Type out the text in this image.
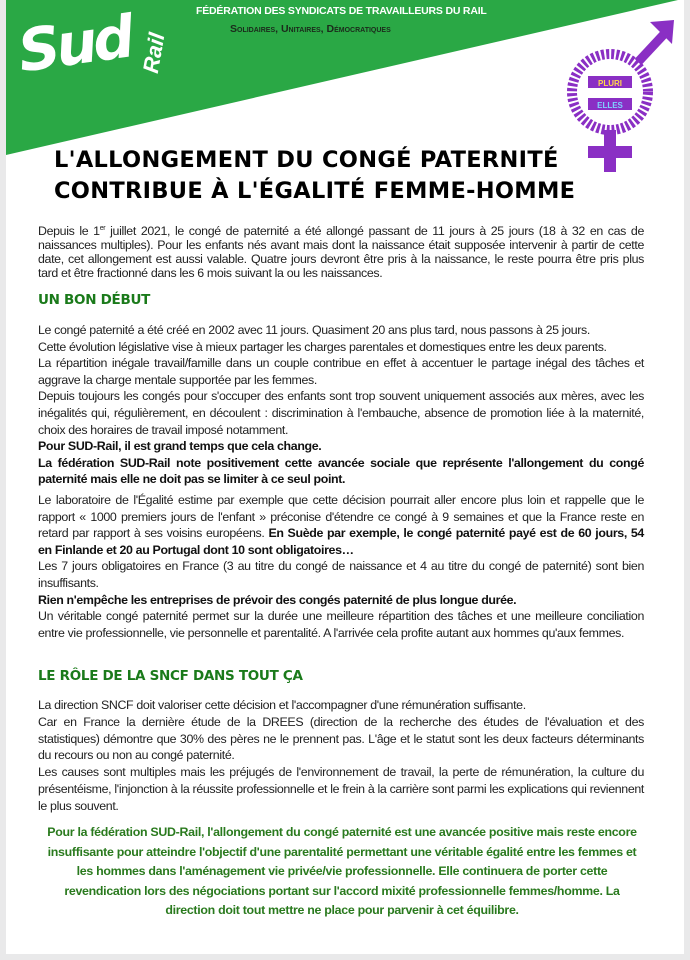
Sud Rail
FÉDÉRATION DES SYNDICATS DE TRAVAILLEURS DU RAIL
Solidaires, Unitaires, Démocratiques
PLURI
ELLES
L'ALLONGEMENT DU CONGÉ PATERNITÉ
CONTRIBUE À L'ÉGALITÉ FEMME-HOMME
Depuis le 1er juillet 2021, le congé de paternité a été allongé passant de 11 jours à 25 jours (18 à 32 en cas de naissances multiples). Pour les enfants nés avant mais dont la naissance était supposée intervenir à partir de cette date, cet allongement est aussi valable. Quatre jours devront être pris à la naissance, le reste pourra être pris plus tard et être fractionné dans les 6 mois suivant la ou les naissances.
UN BON DÉBUT

Le congé paternité a été créé en 2002 avec 11 jours. Quasiment 20 ans plus tard, nous passons à 25 jours.

Cette évolution législative vise à mieux partager les charges parentales et domestiques entre les deux parents.

La répartition inégale travail/famille dans un couple contribue en effet à accentuer le partage inégal des tâches et aggrave la charge mentale supportée par les femmes.

Depuis toujours les congés pour s'occuper des enfants sont trop souvent uniquement associés aux mères, avec les inégalités qui, régulièrement, en découlent : discrimination à l'embauche, absence de promotion liée à la maternité, choix des horaires de travail imposé notamment.

Pour SUD-Rail, il est grand temps que cela change.

La fédération SUD-Rail note positivement cette avancée sociale que représente l'allongement du congé paternité mais elle ne doit pas se limiter à ce seul point.

Le laboratoire de l'Égalité estime par exemple que cette décision pourrait aller encore plus loin et rappelle que le rapport « 1000 premiers jours de l'enfant » préconise d'étendre ce congé à 9 semaines et que la France reste en retard par rapport à ses voisins européens. En Suède par exemple, le congé paternité payé est de 60 jours, 54 en Finlande et 20 au Portugal dont 10 sont obligatoires…

Les 7 jours obligatoires en France (3 au titre du congé de naissance et 4 au titre du congé de paternité) sont bien insuffisants.

Rien n'empêche les entreprises de prévoir des congés paternité de plus longue durée.

Un véritable congé paternité permet sur la durée une meilleure répartition des tâches et une meilleure conciliation entre vie professionnelle, vie personnelle et parentalité. A l'arrivée cela profite autant aux hommes qu'aux femmes.

LE RÔLE DE LA SNCF DANS TOUT ÇA

La direction SNCF doit valoriser cette décision et l'accompagner d'une rémunération suffisante.

Car en France la dernière étude de la DREES (direction de la recherche des études de l'évaluation et des statistiques) démontre que 30% des pères ne le prennent pas. L'âge et le statut sont les deux facteurs déterminants du recours ou non au congé paternité.

Les causes sont multiples mais les préjugés de l'environnement de travail, la perte de rémunération, la culture du présentéisme, l'injonction à la réussite professionnelle et le frein à la carrière sont parmi les explications qui reviennent le plus souvent.

Pour la fédération SUD-Rail, l'allongement du congé paternité est une avancée positive mais reste encore insuffisante pour atteindre l'objectif d'une parentalité permettant une véritable égalité entre les femmes et les hommes dans l'aménagement vie privée/vie professionnelle. Elle continuera de porter cette revendication lors des négociations portant sur l'accord mixité professionnelle femmes/homme. La direction doit tout mettre ne place pour parvenir à cet équilibre.
